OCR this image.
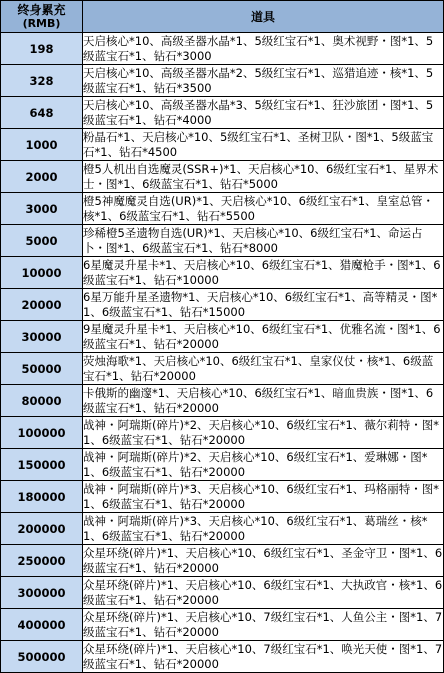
终身累充
(RMB)	道具
198	天启核心*10、高级圣器水晶*1、5级红宝石*1、奥术视野・图*1、5级蓝宝石*1、钻石*3000
328	天启核心*10、高级圣器水晶*2、5级红宝石*1、巡猎追迹・核*1、5级蓝宝石*1、钻石*3500
648	天启核心*10、高级圣器水晶*3、5级红宝石*1、狂沙旅团・图*1、5级蓝宝石*1、钻石*4000
1000	粉晶石*1、天启核心*10、5级红宝石*1、圣树卫队・图*1、5级蓝宝石*1、钻石*4500
2000	橙5人机出自选魔灵(SSR+)*1、天启核心*10、6级红宝石*1、星界术士・图*1、6级蓝宝石*1、钻石*5000
3000	橙5神魔魔灵自选(UR)*1、天启核心*10、6级红宝石*1、皇室总管・核*1、6级蓝宝石*1、钻石*5500
5000	珍稀橙5圣遗物自选(UR)*1、天启核心*10、6级红宝石*1、命运占卜・图*1、6级蓝宝石*1、钻石*8000
10000	6星魔灵升星卡*1、天启核心*10、6级红宝石*1、猎魔枪手・图*1、6级蓝宝石*1、钻石*10000
20000	6星万能升星圣遗物*1、天启核心*10、6级红宝石*1、高等精灵・图*1、6级蓝宝石*1、钻石*15000
30000	9星魔灵升星卡*1、天启核心*10、6级红宝石*1、优雅名流・图*1、6级蓝宝石*1、钻石*20000
50000	荧烛海歌*1、天启核心*10、6级红宝石*1、皇家仪仗・核*1、6级蓝宝石*1、钻石*20000
80000	卡俄斯的幽邃*1、天启核心*10、6级红宝石*1、暗血贵族・图*1、6级蓝宝石*1、钻石*20000
100000	战神・阿瑞斯(碎片)*2、天启核心*10、6级红宝石*1、薇尔莉特・图*1、6级蓝宝石*1、钻石*20000
150000	战神・阿瑞斯(碎片)*2、天启核心*10、6级红宝石*1、爱琳娜・图*1、6级蓝宝石*1、钻石*20000
180000	战神・阿瑞斯(碎片)*3、天启核心*10、6级红宝石*1、玛格丽特・图*1、6级蓝宝石*1、钻石*20000
200000	战神・阿瑞斯(碎片)*3、天启核心*10、6级红宝石*1、葛瑞丝・核*1、6级蓝宝石*1、钻石*20000
250000	众星环绕(碎片)*1、天启核心*10、6级红宝石*1、圣金守卫・图*1、6级蓝宝石*1、钻石*20000
300000	众星环绕(碎片)*1、天启核心*10、6级红宝石*1、大执政官・核*1、6级蓝宝石*1、钻石*20000
400000	众星环绕(碎片)*1、天启核心*10、7级红宝石*1、人鱼公主・图*1、7级蓝宝石*1、钻石*20000
500000	众星环绕(碎片)*1、天启核心*10、7级红宝石*1、唤光天使・图*1、7级蓝宝石*1、钻石*20000
